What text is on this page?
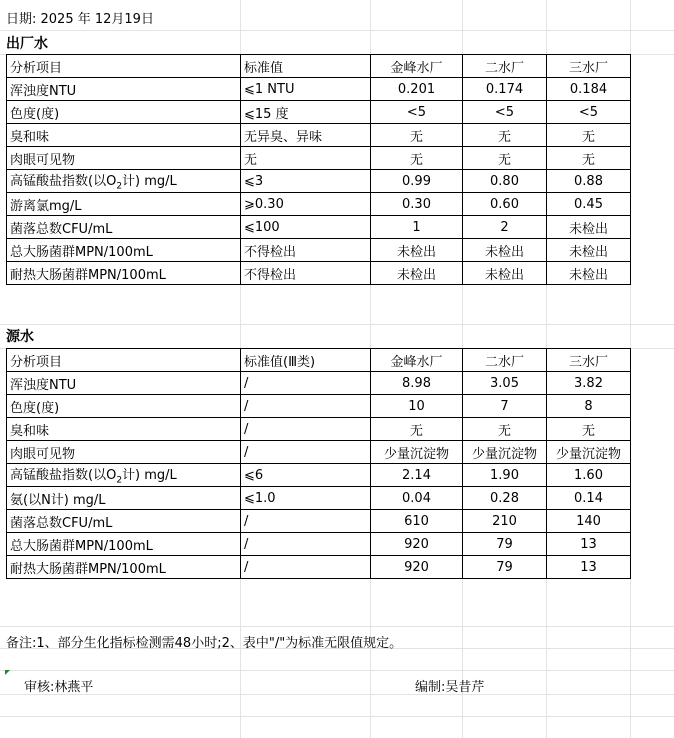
日期: 2025 年 12月19日
出厂水
分析项目	标准值	金峰水厂	二水厂	三水厂
浑浊度NTU	⩽1 NTU	0.201	0.174	0.184
色度(度)	⩽15 度	<5	<5	<5
臭和味	无异臭、异味	无	无	无
肉眼可见物	无	无	无	无
高锰酸盐指数(以$O_2$计) mg/L	⩽3	0.99	0.80	0.88
游离氯mg/L	⩾0.30	0.30	0.60	0.45
菌落总数CFU/mL	⩽100	1	2	未检出
总大肠菌群MPN/100mL	不得检出	未检出	未检出	未检出
耐热大肠菌群MPN/100mL	不得检出	未检出	未检出	未检出
源水
分析项目	标准值(Ⅲ类)	金峰水厂	二水厂	三水厂
浑浊度NTU	/	8.98	3.05	3.82
色度(度)	/	10	7	8
臭和味	/	无	无	无
肉眼可见物	/	少量沉淀物	少量沉淀物	少量沉淀物
高锰酸盐指数(以$O_2$计) mg/L	⩽6	2.14	1.90	1.60
氨(以N计) mg/L	⩽1.0	0.04	0.28	0.14
菌落总数CFU/mL	/	610	210	140
总大肠菌群MPN/100mL	/	920	79	13
耐热大肠菌群MPN/100mL	/	920	79	13
备注:1、部分生化指标检测需48小时;2、表中"/"为标准无限值规定。
审核:林燕平	编制:吴昔芹
